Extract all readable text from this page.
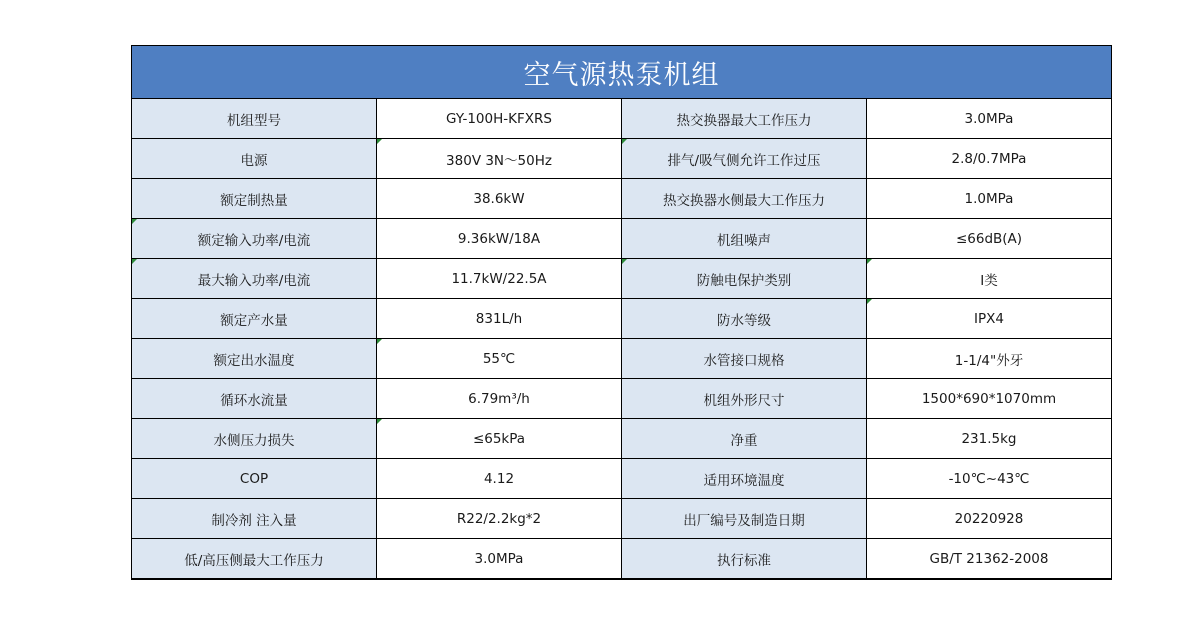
空气源热泵机组			
机组型号	GY-100H-KFXRS	热交换器最大工作压力	3.0MPa
电源	380V 3N～50Hz	排气/吸气侧允许工作过压	2.8/0.7MPa
额定制热量	38.6kW	热交换器水侧最大工作压力	1.0MPa
额定输入功率/电流	9.36kW/18A	机组噪声	≤66dB(A)
最大输入功率/电流	11.7kW/22.5A	防触电保护类别	I类
额定产水量	831L/h	防水等级	IPX4
额定出水温度	55℃	水管接口规格	1-1/4"外牙
循环水流量	6.79m³/h	机组外形尺寸	1500*690*1070mm
水侧压力损失	≤65kPa	净重	231.5kg
COP	4.12	适用环境温度	-10℃~43℃
制冷剂 注入量	R22/2.2kg*2	出厂编号及制造日期	20220928
低/高压侧最大工作压力	3.0MPa	执行标准	GB/T 21362-2008
